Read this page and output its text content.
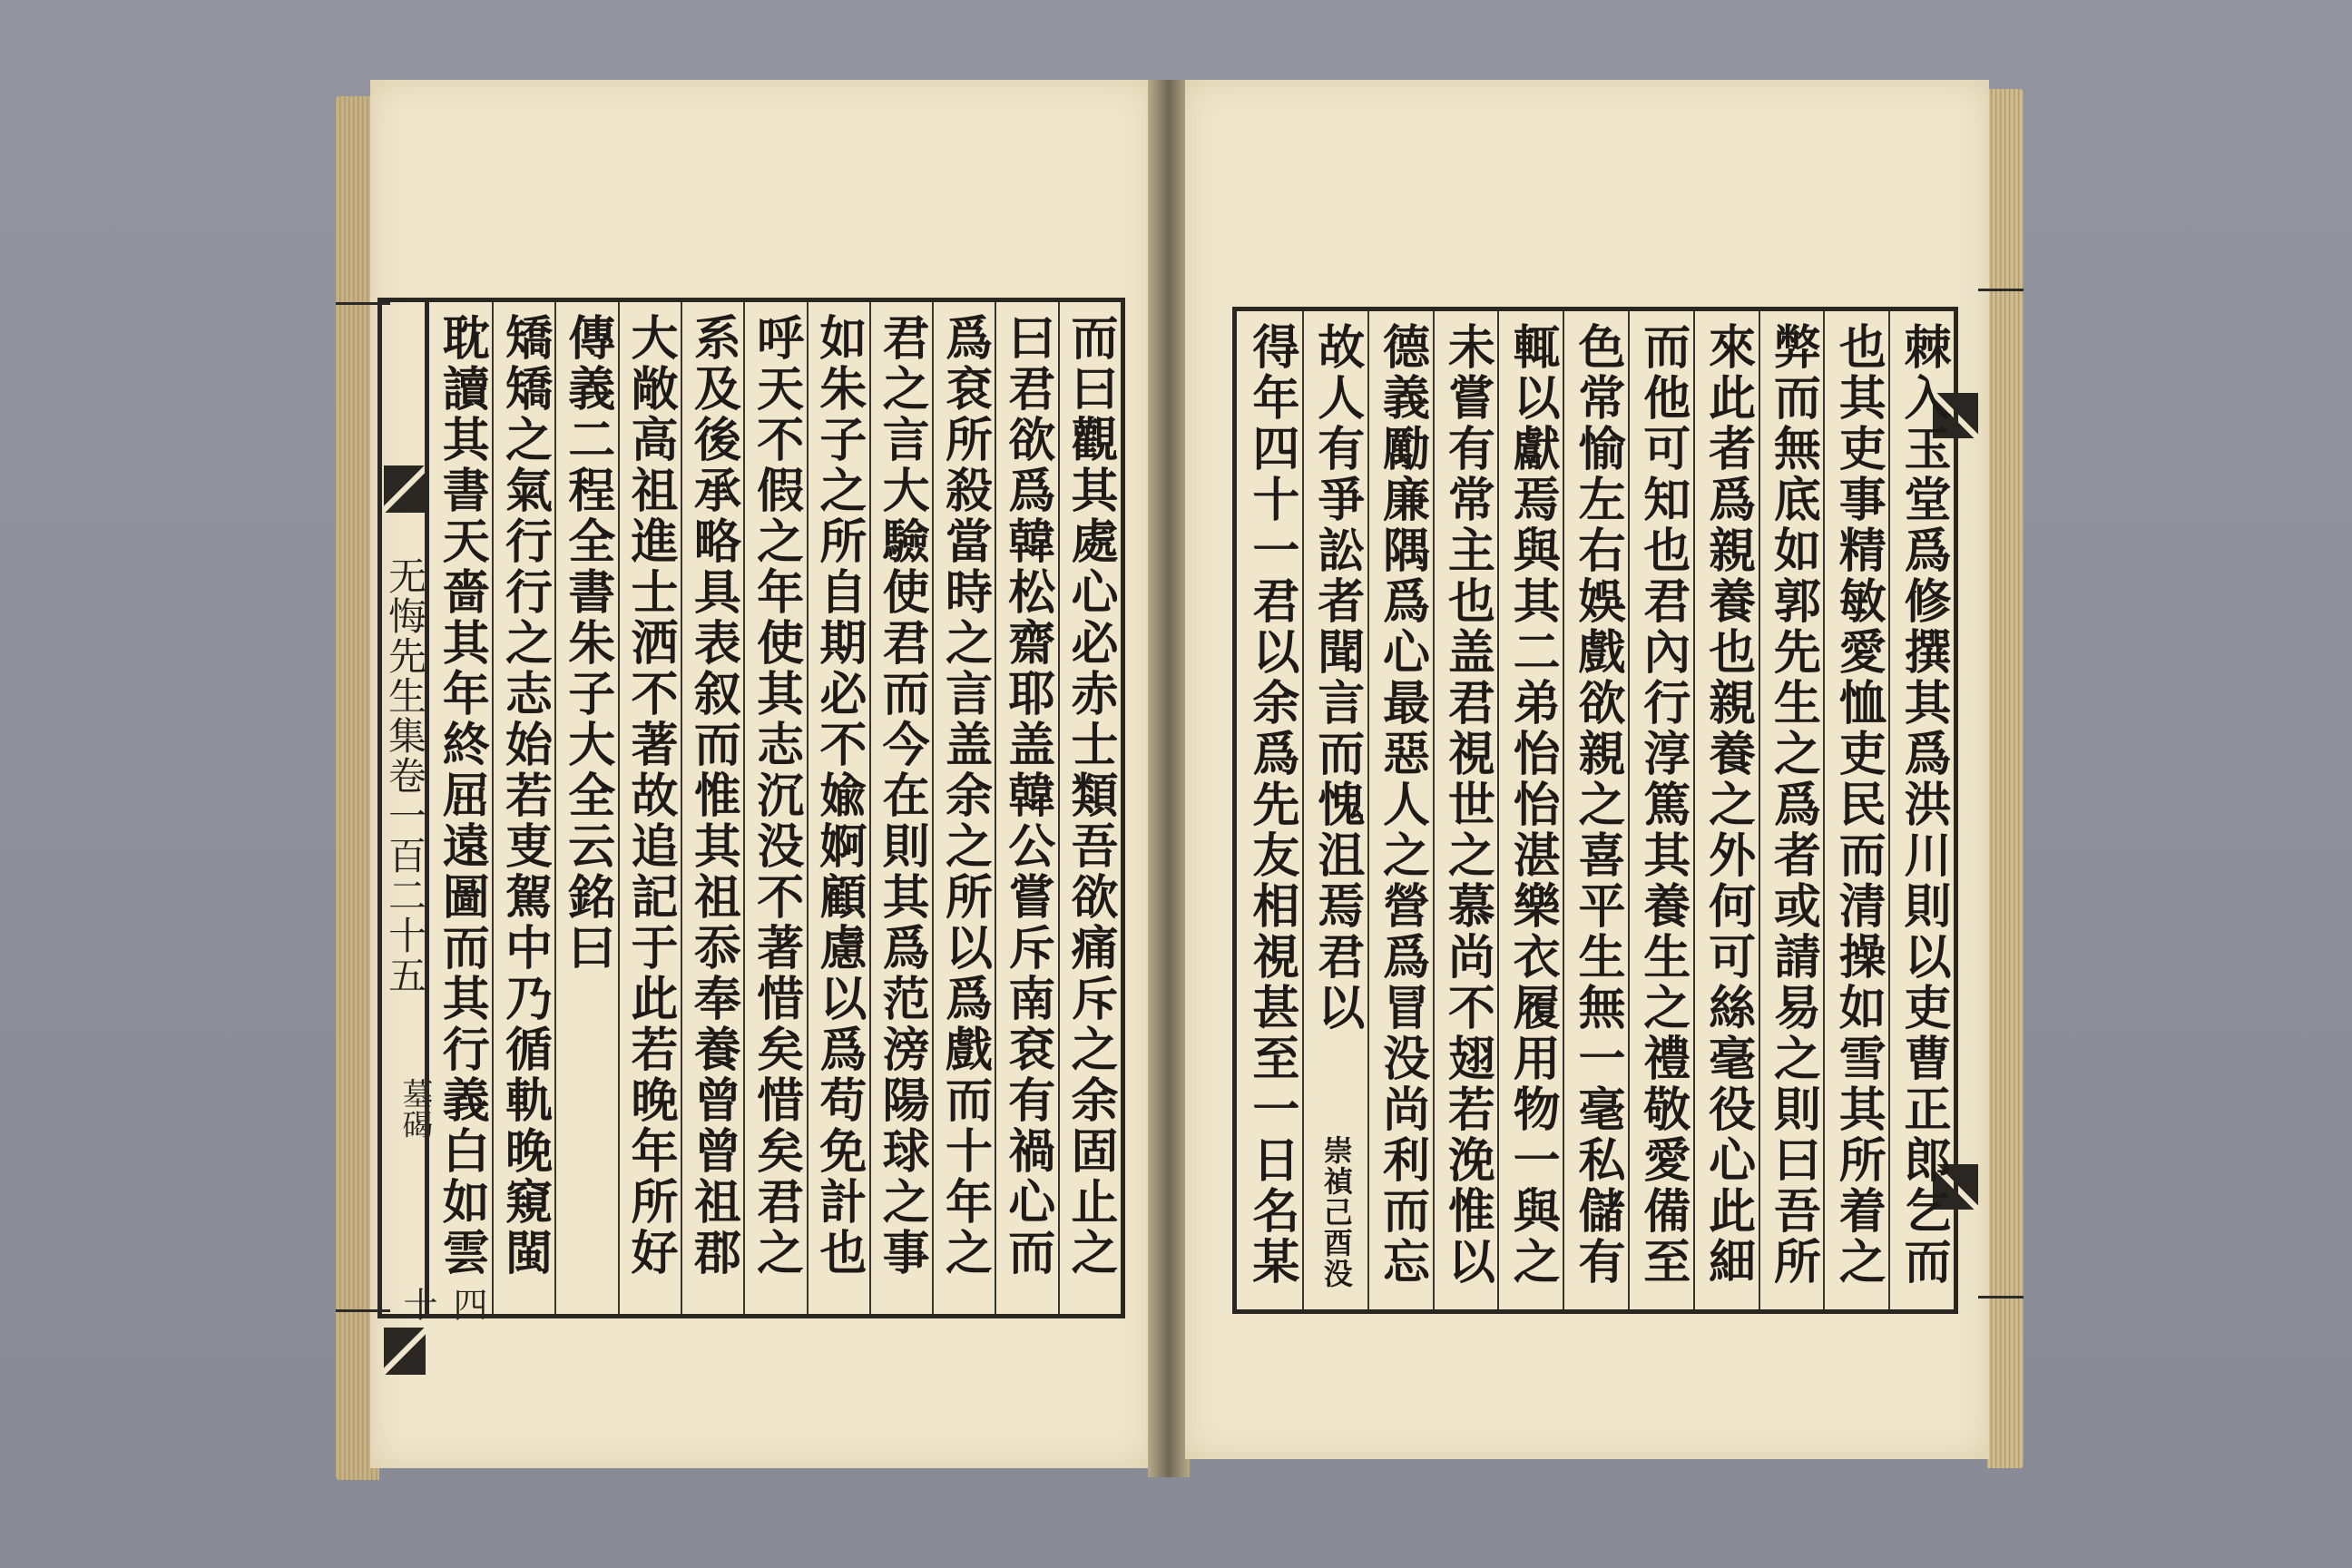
无悔先生集卷一百二十五
墓碣
四十
而曰觀其處心必赤士類吾欲痛斥之余固止之
曰君欲爲韓松齋耶盖韓公嘗斥南袞有禍心而
爲袞所殺當時之言盖余之所以爲戲而十年之
君之言大驗使君而今在則其爲范滂陽球之事
如朱子之所自期必不婾婀顧慮以爲苟免計也
呼天不假之年使其志沉没不著惜矣惜矣君之
系及後承略具表叙而惟其祖忝奉養曾曾祖郡
大敞高祖進士洒不著故追記于此若晚年所好
傳義二程全書朱子大全云銘曰
矯矯之氣行行之志始若叓駕中乃循軌晚窺閩
耽讀其書天嗇其年終屈遠圖而其行義白如雲
棘入玉堂爲修撰其爲洪川則以吏曹正郎乞而
也其吏事精敏愛恤吏民而清操如雪其所着之
弊而無底如郭先生之爲者或請易之則曰吾所
來此者爲親養也親養之外何可絲毫役心此細
而他可知也君內行淳篤其養生之禮敬愛備至
色常愉左右娛戲欲親之喜平生無一毫私儲有
輒以獻焉與其二弟怡怡湛樂衣履用物一與之
未嘗有常主也盖君視世之慕尚不翅若浼惟以
德義勵廉隅爲心最惡人之營爲冒没尚利而忘
故人有爭訟者聞言而愧沮焉君以　　崇禎己酉没
得年四十一君以余爲先友相視甚至一日名某
